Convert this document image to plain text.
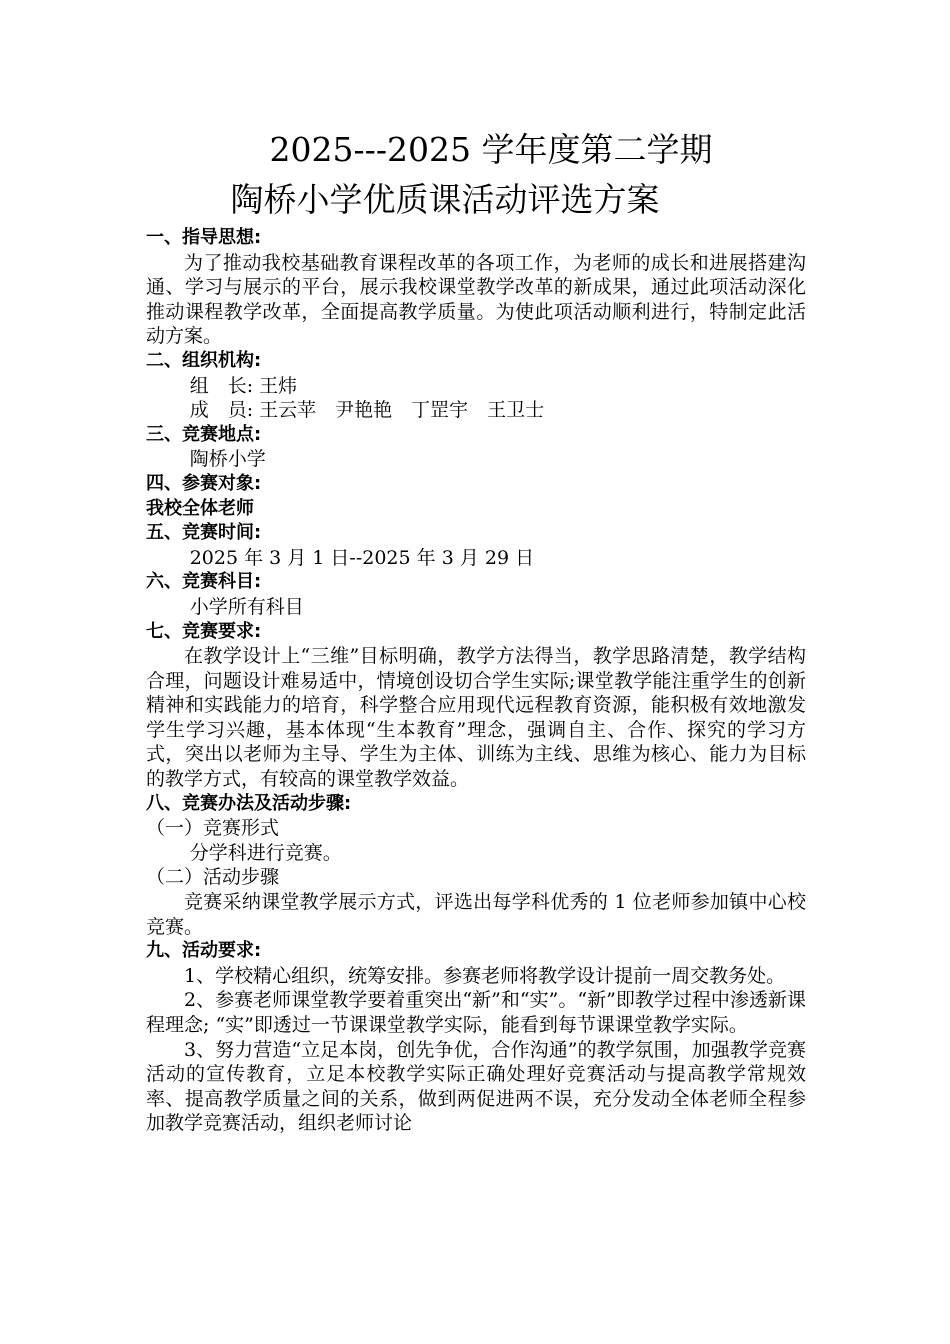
2025---2025 学年度第二学期
陶桥小学优质课活动评选方案
一、指导思想:

为了推动我校基础教育课程改革的各项工作，为老师的成长和进展搭建沟通、学习与展示的平台，展示我校课堂教学改革的新成果，通过此项活动深化推动课程教学改革，全面提高教学质量。为使此项活动顺利进行，特制定此活动方案。

二、组织机构:
组　长: 王炜
成　员: 王云苹　尹艳艳　丁罡宇　王卫士
三、竞赛地点:
陶桥小学
四、参赛对象:
我校全体老师
五、竞赛时间:
2025 年 3 月 1 日--2025 年 3 月 29 日
六、竞赛科目:
小学所有科目
七、竞赛要求:

在教学设计上“三维”目标明确，教学方法得当，教学思路清楚，教学结构合理，问题设计难易适中，情境创设切合学生实际;课堂教学能注重学生的创新精神和实践能力的培育，科学整合应用现代远程教育资源，能积极有效地激发学生学习兴趣，基本体现“生本教育”理念，强调自主、合作、探究的学习方式，突出以老师为主导、学生为主体、训练为主线、思维为核心、能力为目标的教学方式，有较高的课堂教学效益。

八、竞赛办法及活动步骤:
（一）竞赛形式
分学科进行竞赛。
（二）活动步骤

竞赛采纳课堂教学展示方式，评选出每学科优秀的 1 位老师参加镇中心校竞赛。

九、活动要求:

1、学校精心组织，统筹安排。参赛老师将教学设计提前一周交教务处。

2、参赛老师课堂教学要着重突出“新”和“实”。“新”即教学过程中渗透新课程理念; “实”即透过一节课课堂教学实际，能看到每节课课堂教学实际。

3、努力营造“立足本岗，创先争优，合作沟通”的教学氛围，加强教学竞赛活动的宣传教育，立足本校教学实际正确处理好竞赛活动与提高教学常规效率、提高教学质量之间的关系，做到两促进两不误，充分发动全体老师全程参加教学竞赛活动，组织老师讨论
